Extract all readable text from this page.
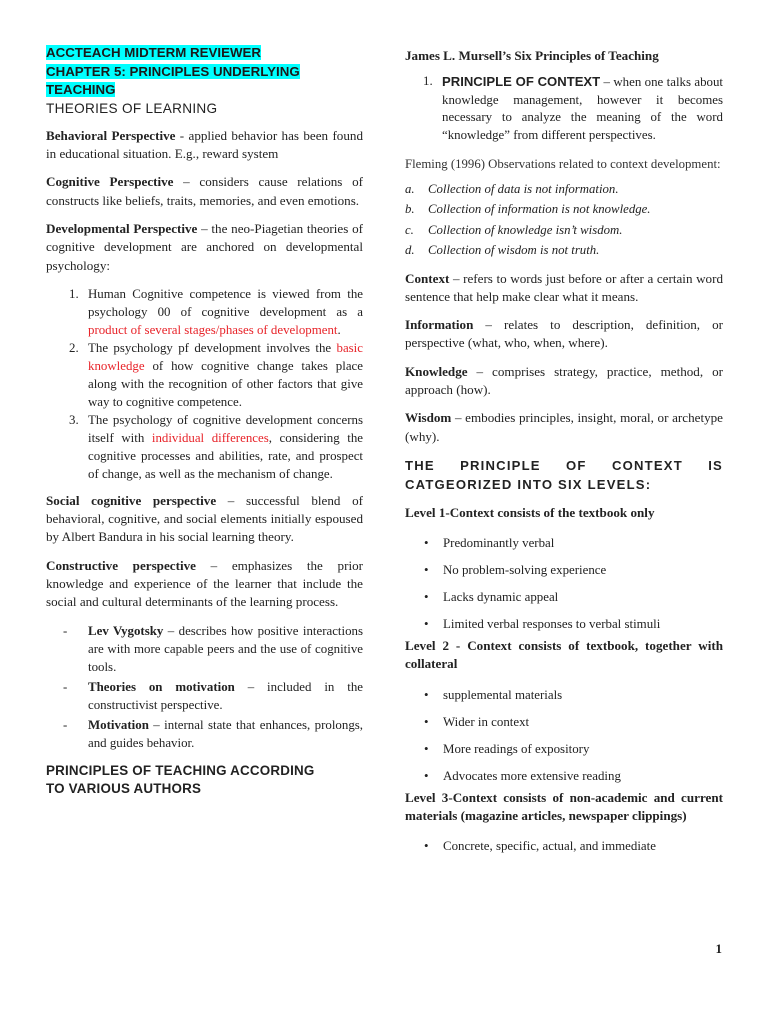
ACCTEACH MIDTERM REVIEWER
CHAPTER 5: PRINCIPLES UNDERLYING
TEACHING
THEORIES OF LEARNING

Behavioral Perspective - applied behavior has been found in educational situation. E.g., reward system

Cognitive Perspective – considers cause relations of constructs like beliefs, traits, memories, and even emotions.

Developmental Perspective – the neo-Piagetian theories of cognitive development are anchored on developmental psychology:

1. Human Cognitive competence is viewed from the psychology 00 of cognitive development as a product of several stages/phases of development.
2. The psychology pf development involves the basic knowledge of how cognitive change takes place along with the recognition of other factors that give way to cognitive competence.
3. The psychology of cognitive development concerns itself with individual differences, considering the cognitive processes and abilities, rate, and prospect of change, as well as the mechanism of change.

Social cognitive perspective – successful blend of behavioral, cognitive, and social elements initially espoused by Albert Bandura in his social learning theory.

Constructive perspective – emphasizes the prior knowledge and experience of the learner that include the social and cultural determinants of the learning process.

- Lev Vygotsky – describes how positive interactions are with more capable peers and the use of cognitive tools.
- Theories on motivation – included in the constructivist perspective.
- Motivation – internal state that enhances, prolongs, and guides behavior.
PRINCIPLES OF TEACHING ACCORDING
TO VARIOUS AUTHORS
James L. Mursell’s Six Principles of Teaching
1. PRINCIPLE OF CONTEXT – when one talks about knowledge management, however it becomes necessary to analyze the meaning of the word “knowledge” from different perspectives.

Fleming (1996) Observations related to context development:

a. Collection of data is not information.
b. Collection of information is not knowledge.
c. Collection of knowledge isn’t wisdom.
d. Collection of wisdom is not truth.

Context – refers to words just before or after a certain word sentence that help make clear what it means.

Information – relates to description, definition, or perspective (what, who, when, where).

Knowledge – comprises strategy, practice, method, or approach (how).

Wisdom – embodies principles, insight, moral, or archetype (why).

THE PRINCIPLE OF CONTEXT IS CATGEORIZED INTO SIX LEVELS:

Level 1-Context consists of the textbook only

• Predominantly verbal
• No problem-solving experience
• Lacks dynamic appeal
• Limited verbal responses to verbal stimuli

Level 2 - Context consists of textbook, together with collateral

• supplemental materials
• Wider in context
• More readings of expository
• Advocates more extensive reading

Level 3-Context consists of non-academic and current materials (magazine articles, newspaper clippings)

• Concrete, specific, actual, and immediate
1
